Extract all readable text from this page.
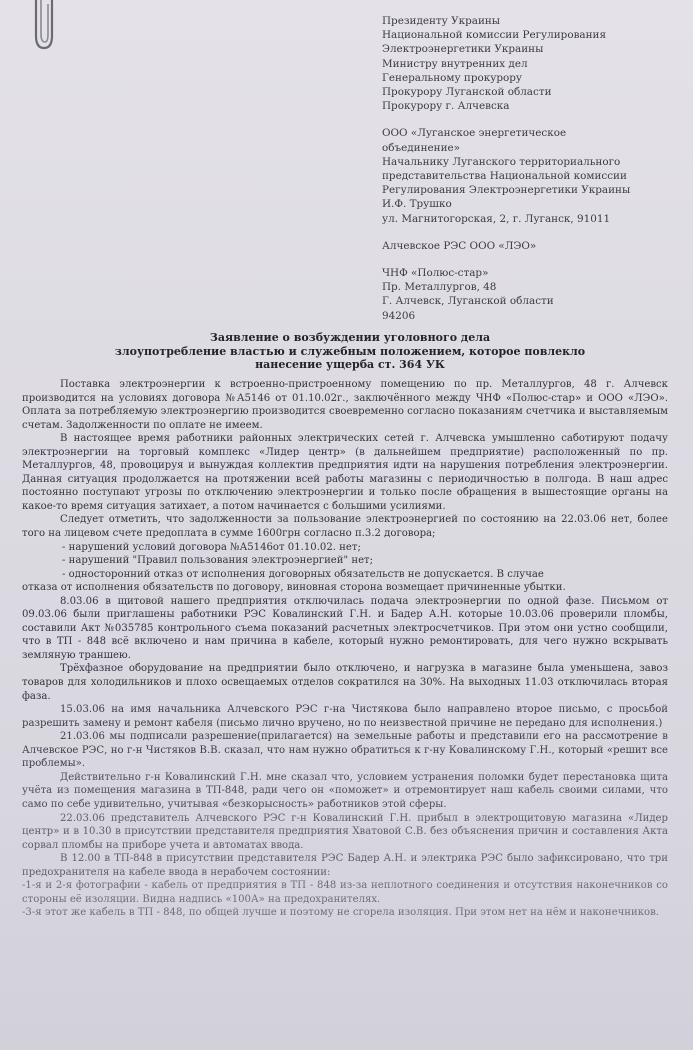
Президенту Украины
Национальной комиссии Регулирования
Электроэнергетики Украины
Министру внутренних дел
Генеральному прокурору
Прокурору Луганской области
Прокурору г. Алчевска
ООО «Луганское энергетическое
объединение»
Начальнику Луганского территориального
представительства Национальной комиссии
Регулирования Электроэнергетики Украины
И.Ф. Трушко
ул. Магнитогорская, 2, г. Луганск, 91011
Алчевское РЭС ООО «ЛЭО»
ЧНФ «Полюс-стар»
Пр. Металлургов, 48
Г. Алчевск, Луганской области
94206
Заявление о возбуждении уголовного дела
злоупотребление властью и служебным положением, которое повлекло
нанесение ущерба ст. 364 УК

Поставка электроэнергии к встроенно-пристроенному помещению по пр. Металлургов, 48 г. Алчевск производится на условиях договора №А5146 от 01.10.02г., заключённого между ЧНФ «Полюс-стар» и ООО «ЛЭО». Оплата за потребляемую электроэнергию производится своевременно согласно показаниям счетчика и выставляемым счетам. Задолженности по оплате не имеем.

В настоящее время работники районных электрических сетей г. Алчевска умышленно саботируют подачу электроэнергии на торговый комплекс «Лидер центр» (в дальнейшем предприятие) расположенный по пр. Металлургов, 48, провоцируя и вынуждая коллектив предприятия идти на нарушения потребления электроэнергии. Данная ситуация продолжается на протяжении всей работы магазины с периодичностью в полгода. В наш адрес постоянно поступают угрозы по отключению электроэнергии и только после обращения в вышестоящие органы на какое-то время ситуация затихает, а потом начинается с большими усилиями.

Следует отметить, что задолженности за пользование электроэнергией по состоянию на 22.03.06 нет, более того на лицевом счете предоплата в сумме 1600грн согласно п.3.2 договора;

- нарушений условий договора №А5146от 01.10.02. нет;
- нарушений "Правил пользования электроэнергией" нет;
- односторонний отказ от исполнения договорных обязательств не допускается. В случае

отказа от исполнения обязательств по договору, виновная сторона возмещает причиненные убытки.

8.03.06 в щитовой нашего предприятия отключилась подача электроэнергии по одной фазе. Письмом от 09.03.06 были приглашены работники РЭС Ковалинский Г.Н. и Бадер А.Н. которые 10.03.06 проверили пломбы, составили Акт №035785 контрольного съема показаний расчетных электросчетчиков. При этом они устно сообщили, что в ТП - 848 всё включено и нам причина в кабеле, который нужно ремонтировать, для чего нужно вскрывать земляную траншею.

Трёхфазное оборудование на предприятии было отключено, и нагрузка в магазине была уменьшена, завоз товаров для холодильников и плохо освещаемых отделов сократился на 30%. На выходных 11.03 отключилась вторая фаза.

15.03.06 на имя начальника Алчевского РЭС г-на Чистякова было направлено второе письмо, с просьбой разрешить замену и ремонт кабеля (письмо лично вручено, но по неизвестной причине не передано для исполнения.)

21.03.06 мы подписали разрешение(прилагается) на земельные работы и представили его на рассмотрение в Алчевское РЭС, но г-н Чистяков В.В. сказал, что нам нужно обратиться к г-ну Ковалинскому Г.Н., который «решит все проблемы».

Действительно г-н Ковалинский Г.Н. мне сказал что, условием устранения поломки будет перестановка щита учёта из помещения магазина в ТП-848, ради чего он «поможет» и отремонтирует наш кабель своими силами, что само по себе удивительно, учитывая «безкорысность» работников этой сферы.

22.03.06 представитель Алчевского РЭС г-н Ковалинский Г.Н. прибыл в электрощитовую магазина «Лидер центр» и в 10.30 в присутствии представителя предприятия Хватовой С.В. без объяснения причин и составления Акта сорвал пломбы на приборе учета и автоматах ввода.

В 12.00 в ТП-848 в присутствии представителя РЭС Бадер А.Н. и электрика РЭС было зафиксировано, что три предохранителя на кабеле ввода в нерабочем состоянии:

-1-я и 2-я фотографии - кабель от предприятия в ТП - 848 из-за неплотного соединения и отсутствия наконечников со стороны её изоляции. Видна надпись «100А» на предохранителях.

-3-я этот же кабель в ТП - 848, по общей лучше и поэтому не сгорела изоляция. При этом нет на нём и наконечников.
